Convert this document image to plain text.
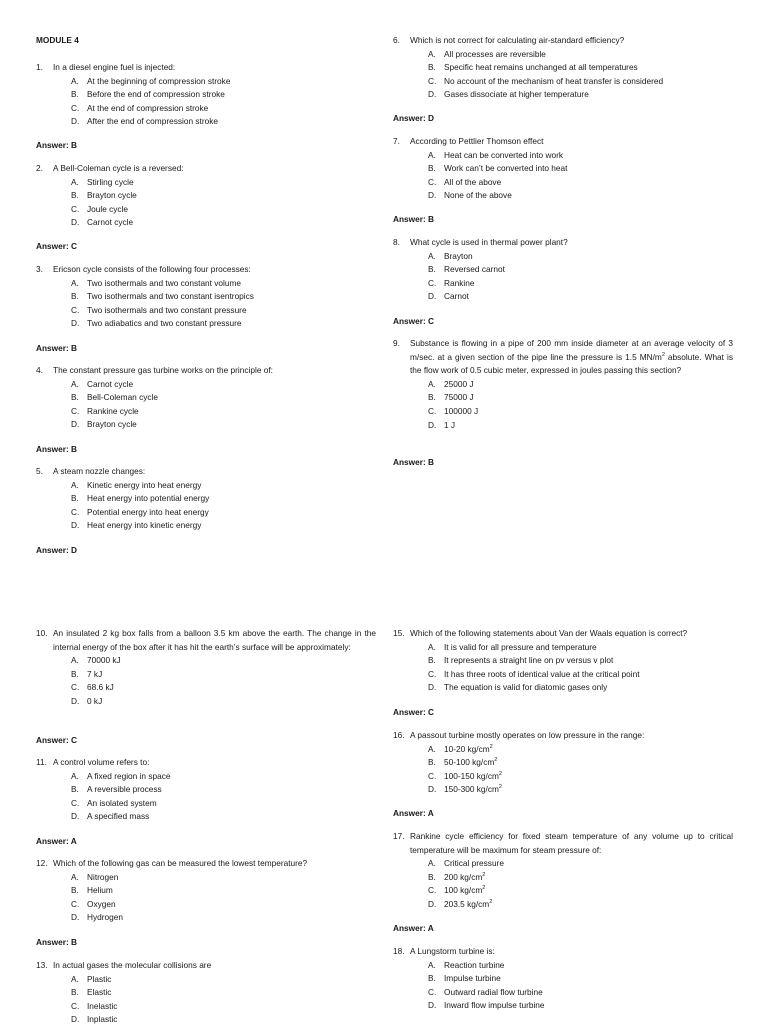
MODULE 4
1. In a diesel engine fuel is injected:
A. At the beginning of compression stroke
B. Before the end of compression stroke
C. At the end of compression stroke
D. After the end of compression stroke
Answer: B
2. A Bell-Coleman cycle is a reversed:
A. Stirling cycle
B. Brayton cycle
C. Joule cycle
D. Carnot cycle
Answer: C
3. Ericson cycle consists of the following four processes:
A. Two isothermals and two constant volume
B. Two isothermals and two constant isentropics
C. Two isothermals and two constant pressure
D. Two adiabatics and two constant pressure
Answer: B
4. The constant pressure gas turbine works on the principle of:
A. Carnot cycle
B. Bell-Coleman cycle
C. Rankine cycle
D. Brayton cycle
Answer: B
5. A steam nozzle changes:
A. Kinetic energy into heat energy
B. Heat energy into potential energy
C. Potential energy into heat energy
D. Heat energy into kinetic energy
Answer: D
6. Which is not correct for calculating air-standard efficiency?
A. All processes are reversible
B. Specific heat remains unchanged at all temperatures
C. No account of the mechanism of heat transfer is considered
D. Gases dissociate at higher temperature
Answer: D
7. According to Pettlier Thomson effect
A. Heat can be converted into work
B. Work can’t be converted into heat
C. All of the above
D. None of the above
Answer: B
8. What cycle is used in thermal power plant?
A. Brayton
B. Reversed carnot
C. Rankine
D. Carnot
Answer: C
9. Substance is flowing in a pipe of 200 mm inside diameter at an average velocity of 3 m/sec. at a given section of the pipe line the pressure is 1.5 $MN/m^2$ absolute. What is the flow work of 0.5 cubic meter, expressed in joules passing this section?
A. 25000 J
B. 75000 J
C. 100000 J
D. 1 J
Answer: B
10. An insulated 2 kg box falls from a balloon 3.5 km above the earth. The change in the internal energy of the box after it has hit the earth’s surface will be approximately:
A. 70000 kJ
B. 7 kJ
C. 68.6 kJ
D. 0 kJ
Answer: C
11. A control volume refers to:
A. A fixed region in space
B. A reversible process
C. An isolated system
D. A specified mass
Answer: A
12. Which of the following gas can be measured the lowest temperature?
A. Nitrogen
B. Helium
C. Oxygen
D. Hydrogen
Answer: B
13. In actual gases the molecular collisions are
A. Plastic
B. Elastic
C. Inelastic
D. Inplastic
15. Which of the following statements about Van der Waals equation is correct?
A. It is valid for all pressure and temperature
B. It represents a straight line on pv versus v plot
C. It has three roots of identical value at the critical point
D. The equation is valid for diatomic gases only
Answer: C
16. A passout turbine mostly operates on low pressure in the range:
A. 10-20 $kg/cm^2$
B. 50-100 $kg/cm^2$
C. 100-150 $kg/cm^2$
D. 150-300 $kg/cm^2$
Answer: A
17. Rankine cycle efficiency for fixed steam temperature of any volume up to critical temperature will be maximum for steam pressure of:
A. Critical pressure
B. 200 $kg/cm^2$
C. 100 $kg/cm^2$
D. 203.5 $kg/cm^2$
Answer: A
18. A Lungstorm turbine is:
A. Reaction turbine
B. Impulse turbine
C. Outward radial flow turbine
D. Inward flow impulse turbine
